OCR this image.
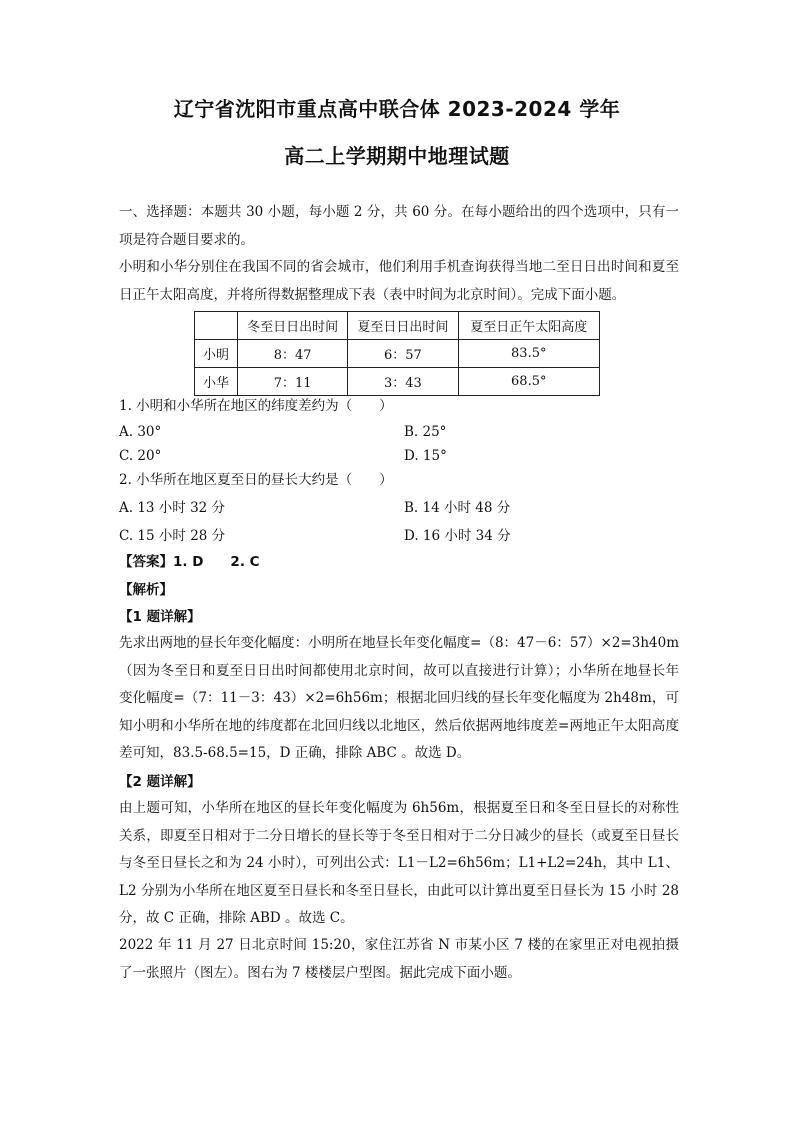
辽宁省沈阳市重点高中联合体 2023-2024 学年
高二上学期期中地理试题
一、选择题：本题共 30 小题，每小题 2 分，共 60 分。在每小题给出的四个选项中，只有一项是符合题目要求的。
小明和小华分别住在我国不同的省会城市，他们利用手机查询获得当地二至日日出时间和夏至日正午太阳高度，并将所得数据整理成下表（表中时间为北京时间）。完成下面小题。
	冬至日日出时间	夏至日日出时间	夏至日正午太阳高度
小明	8：47	6：57	83.5°
小华	7：11	3：43	68.5°
1. 小明和小华所在地区的纬度差约为（　　）
A. 30°	B. 25°
C. 20°	D. 15°
2. 小华所在地区夏至日的昼长大约是（　　）
A. 13 小时 32 分	B. 14 小时 48 分
C. 15 小时 28 分	D. 16 小时 34 分
【答案】1. D　　2. C
【解析】
【1 题详解】
先求出两地的昼长年变化幅度：小明所在地昼长年变化幅度=（8：47－6：57）×2=3h40m（因为冬至日和夏至日日出时间都使用北京时间，故可以直接进行计算）；小华所在地昼长年变化幅度=（7：11－3：43）×2=6h56m；根据北回归线的昼长年变化幅度为 2h48m，可知小明和小华所在地的纬度都在北回归线以北地区，然后依据两地纬度差=两地正午太阳高度差可知，83.5-68.5=15，D 正确，排除 ABC 。故选 D。
【2 题详解】
由上题可知，小华所在地区的昼长年变化幅度为 6h56m，根据夏至日和冬至日昼长的对称性关系，即夏至日相对于二分日增长的昼长等于冬至日相对于二分日减少的昼长（或夏至日昼长与冬至日昼长之和为 24 小时），可列出公式：L1－L2=6h56m；L1+L2=24h，其中 L1、L2 分别为小华所在地区夏至日昼长和冬至日昼长，由此可以计算出夏至日昼长为 15 小时 28 分，故 C 正确，排除 ABD 。故选 C。
2022 年 11 月 27 日北京时间 15:20，家住江苏省 N 市某小区 7 楼的在家里正对电视拍摄了一张照片（图左）。图右为 7 楼楼层户型图。据此完成下面小题。
